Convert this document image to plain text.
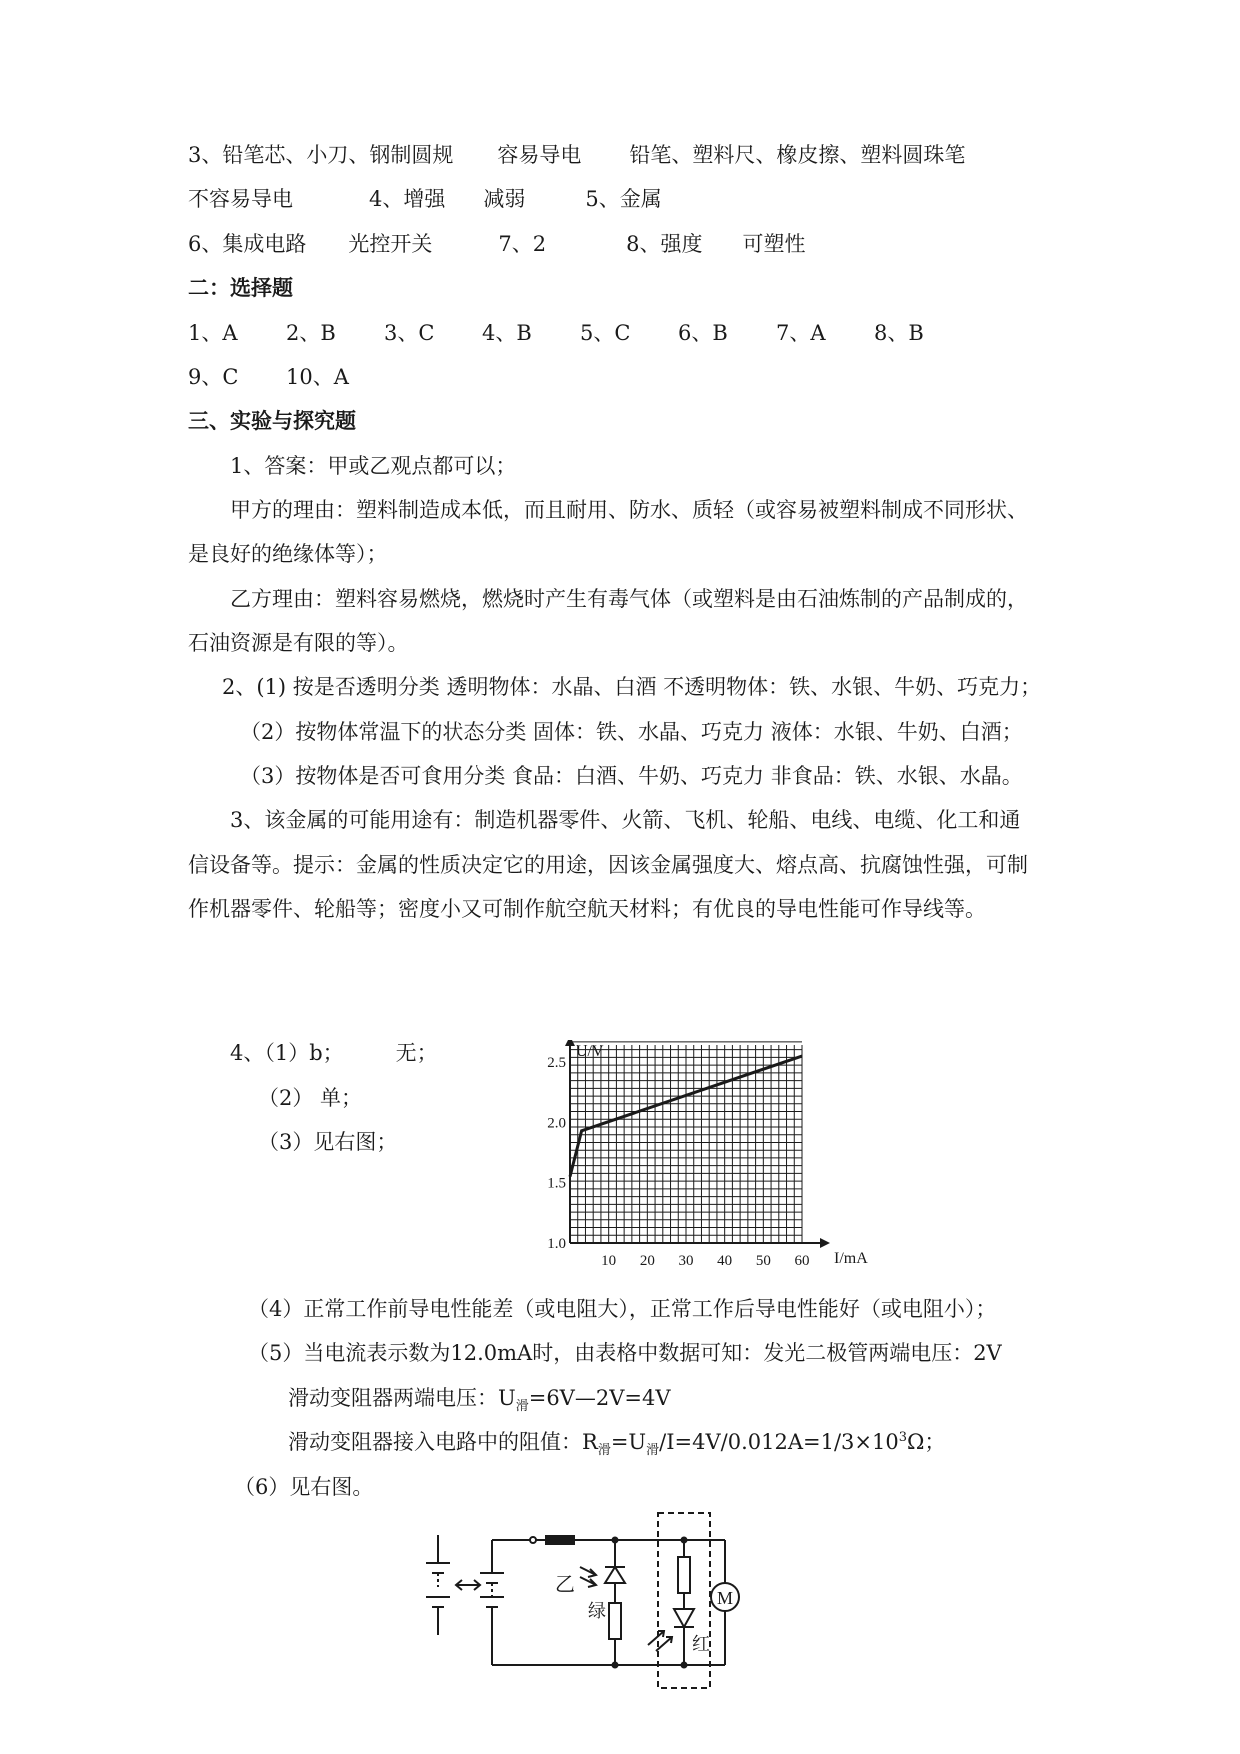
3、铅笔芯、小刀、钢制圆规 容易导电 铅笔、塑料尺、橡皮擦、塑料圆珠笔
不容易导电	4、增强 减弱	5、金属
6、集成电路 光控开关	7、2	8、强度 可塑性
二：选择题
1、A 2、B 3、C 4、B 5、C 6、B 7、A 8、B
9、C 10、A
三、实验与探究题
1、答案：甲或乙观点都可以；
甲方的理由：塑料制造成本低，而且耐用、防水、质轻（或容易被塑料制成不同形状、
是良好的绝缘体等）；
乙方理由：塑料容易燃烧，燃烧时产生有毒气体（或塑料是由石油炼制的产品制成的，
石油资源是有限的等）。
2、(1) 按是否透明分类 透明物体：水晶、白酒 不透明物体：铁、水银、牛奶、巧克力；
（2）按物体常温下的状态分类 固体：铁、水晶、巧克力 液体：水银、牛奶、白酒；
（3）按物体是否可食用分类 食品：白酒、牛奶、巧克力 非食品：铁、水银、水晶。
3、该金属的可能用途有：制造机器零件、火箭、飞机、轮船、电线、电缆、化工和通
信设备等。提示：金属的性质决定它的用途，因该金属强度大、熔点高、抗腐蚀性强，可制
作机器零件、轮船等；密度小又可制作航空航天材料；有优良的导电性能可作导线等。
4、（1）b； 无；
（2） 单；
（3）见右图；
10 20 30 40 50 60
1.0
1.5
2.0
2.5
I/mA
U/V
（4）正常工作前导电性能差（或电阻大），正常工作后导电性能好（或电阻小）；
（5）当电流表示数为12.0mA时，由表格中数据可知：发光二极管两端电压：2V
滑动变阻器两端电压：$U_滑=6V—2V=4V$
滑动变阻器接入电路中的阻值：$R_滑=U_滑/I=4V/0.012A=1/3\times 10^3\Omega$；
（6）见右图。
乙
绿
红
M
